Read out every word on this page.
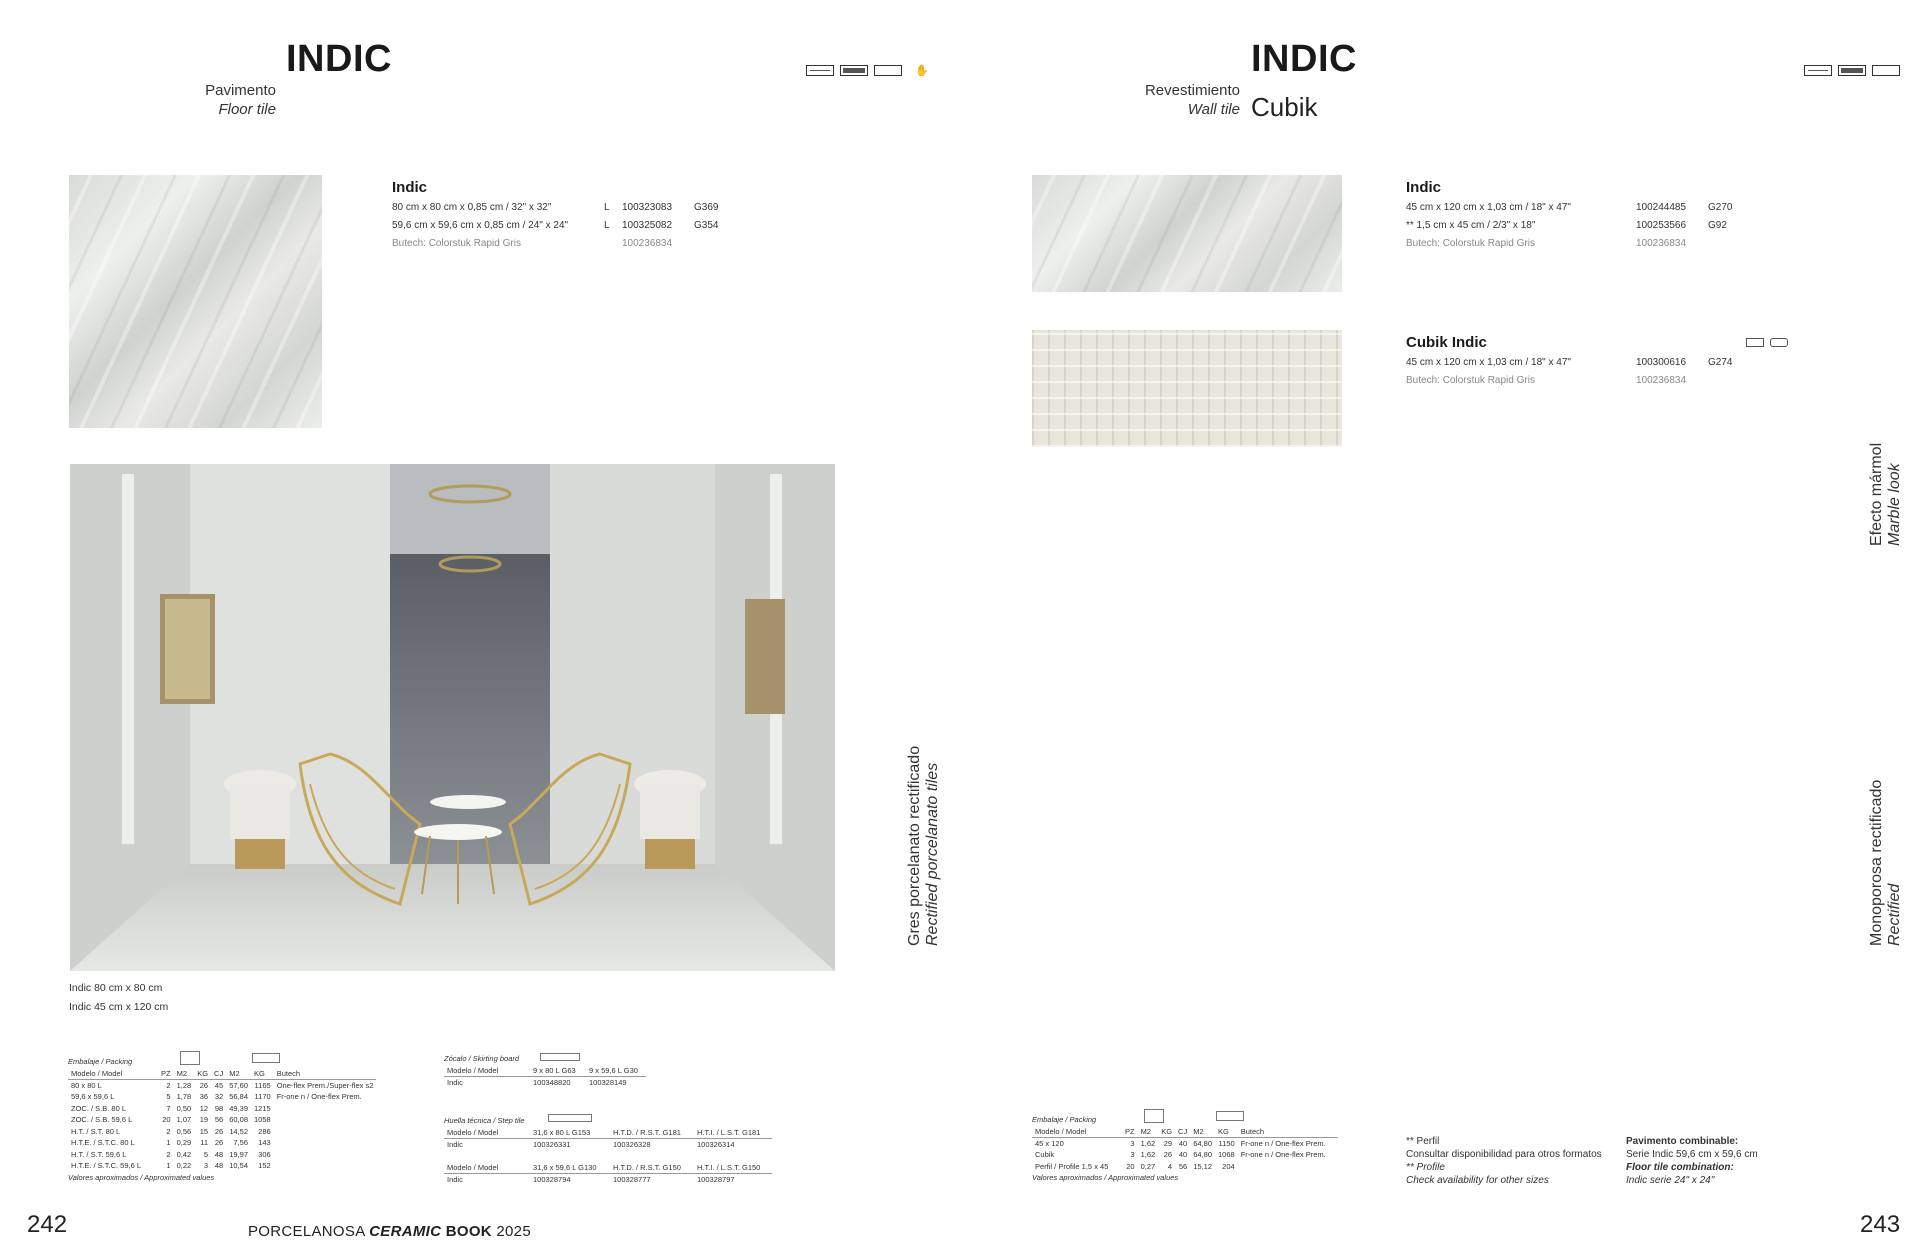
Pavimento
Floor tile
INDIC	✋
Indic
80 cm x 80 cm x 0,85 cm / 32" x 32"	L 100323083 G369
59,6 cm x 59,6 cm x 0,85 cm / 24" x 24"	L 100325082 G354
Butech: Colorstuk Rapid Gris	100236834
Indic 80 cm x 80 cm
Indic 45 cm x 120 cm
Gres porcelanato rectificado Rectified porcelanato tiles
Embalaje / Packing
Modelo / Model	PZ	M2	KG	CJ	M2	KG	Butech
80 x 80 L	2	1,28	26	45	57,60	1165	One-flex Prem./Super-flex s2
59,6 x 59,6 L	5	1,78	36	32	56,84	1170	Fr-one n / One-flex Prem.
ZOC. / S.B. 80 L	7	0,50	12	98	49,39	1215	
ZOC. / S.B. 59,6 L	20	1,07	19	56	60,08	1058	
H.T. / S.T. 80 L	2	0,56	15	26	14,52	286	
H.T.E. / S.T.C. 80 L	1	0,29	11	26	7,56	143	
H.T. / S.T. 59,6 L	2	0,42	5	48	19,97	306	
H.T.E. / S.T.C. 59,6 L	1	0,22	3	48	10,54	152	
Valores aproximados / Approximated values
Zócalo / Skirting board
Modelo / Model	9 x 80 L G63	9 x 59,6 L G30
Indic	100348820	100328149
Huella técnica / Step tile
Modelo / Model	31,6 x 80 L G153	H.T.D. / R.S.T. G181	H.T.I. / L.S.T. G181
Indic	100326331	100326328	100326314

Modelo / Model	31,6 x 59,6 L G130	H.T.D. / R.S.T. G150	H.T.I. / L.S.T. G150
Indic	100328794	100328777	100328797
242	PORCELANOSA CERAMIC BOOK 2025
Revestimiento
Wall tile
INDIC
Cubik
Indic
45 cm x 120 cm x 1,03 cm / 18" x 47"	100244485 G270
** 1,5 cm x 45 cm / 2/3" x 18"	100253566 G92
Butech: Colorstuk Rapid Gris	100236834
Cubik Indic
45 cm x 120 cm x 1,03 cm / 18" x 47"	100300616 G274
Butech: Colorstuk Rapid Gris	100236834
Efecto mármol Marble look
Monoporosa rectificado Rectified
Embalaje / Packing
Modelo / Model	PZ	M2	KG	CJ	M2	KG	Butech
45 x 120	3	1,62	29	40	64,80	1150	Fr-one n / One-flex Prem.
Cubik	3	1,62	26	40	64,80	1068	Fr-one n / One-flex Prem.
Perfil / Profile 1,5 x 45	20	0,27	4	56	15,12	204	
Valores aproximados / Approximated values
** Perfil
Consultar disponibilidad para otros formatos
** Profile
Check availability for other sizes
Pavimento combinable:
Serie Indic 59,6 cm x 59,6 cm
Floor tile combination:
Indic serie 24" x 24"
243
